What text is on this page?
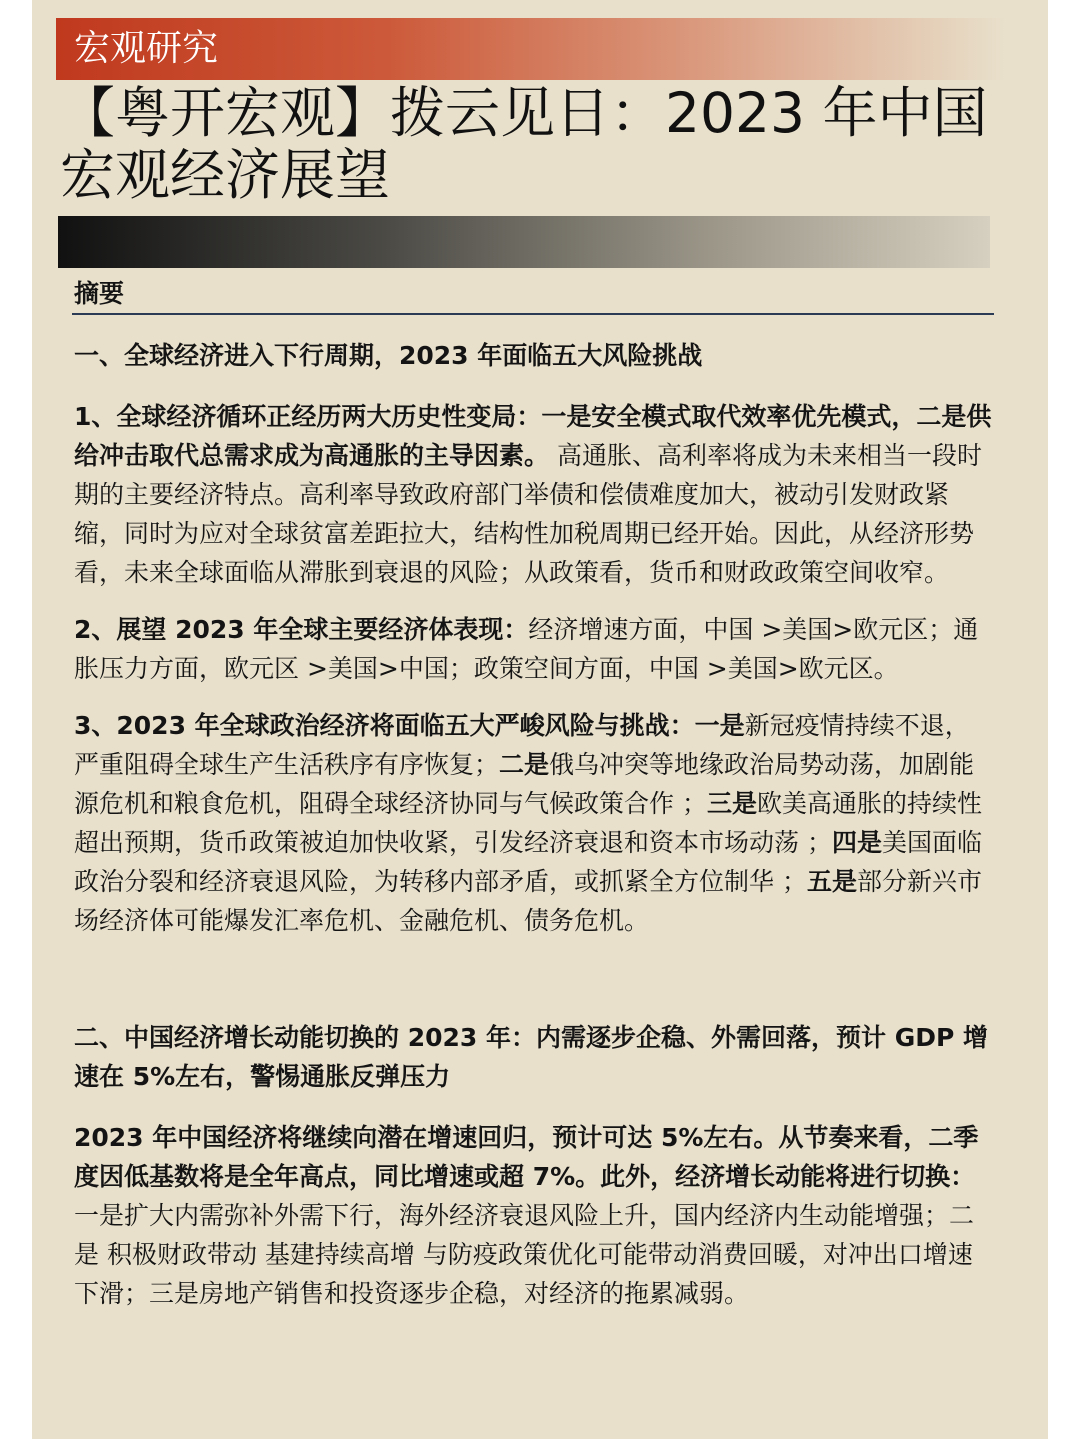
宏观研究
【粤开宏观】拨云见日：2023 年中国宏观经济展望
摘要

一、全球经济进入下行周期，2023 年面临五大风险挑战

1、全球经济循环正经历两大历史性变局：一是安全模式取代效率优先模式，二是供给冲击取代总需求成为高通胀的主导因素。 高通胀、高利率将成为未来相当一段时期的主要经济特点。高利率导致政府部门举债和偿债难度加大，被动引发财政紧缩，同时为应对全球贫富差距拉大，结构性加税周期已经开始。因此，从经济形势看，未来全球面临从滞胀到衰退的风险；从政策看，货币和财政政策空间收窄。

2、展望 2023 年全球主要经济体表现：经济增速方面，中国 >美国>欧元区；通胀压力方面，欧元区 >美国>中国；政策空间方面，中国 >美国>欧元区。

3、2023 年全球政治经济将面临五大严峻风险与挑战：一是新冠疫情持续不退，严重阻碍全球生产生活秩序有序恢复；二是俄乌冲突等地缘政治局势动荡，加剧能源危机和粮食危机，阻碍全球经济协同与气候政策合作 ；三是欧美高通胀的持续性超出预期，货币政策被迫加快收紧，引发经济衰退和资本市场动荡 ；四是美国面临政治分裂和经济衰退风险，为转移内部矛盾，或抓紧全方位制华 ；五是部分新兴市场经济体可能爆发汇率危机、金融危机、债务危机。

二、中国经济增长动能切换的 2023 年：内需逐步企稳、外需回落，预计 GDP 增速在 5%左右，警惕通胀反弹压力

2023 年中国经济将继续向潜在增速回归，预计可达 5%左右。从节奏来看，二季度因低基数将是全年高点，同比增速或超 7%。此外，经济增长动能将进行切换：一是扩大内需弥补外需下行，海外经济衰退风险上升，国内经济内生动能增强；二是 积极财政带动 基建持续高增 与防疫政策优化可能带动消费回暖，对冲出口增速下滑；三是房地产销售和投资逐步企稳，对经济的拖累减弱。
